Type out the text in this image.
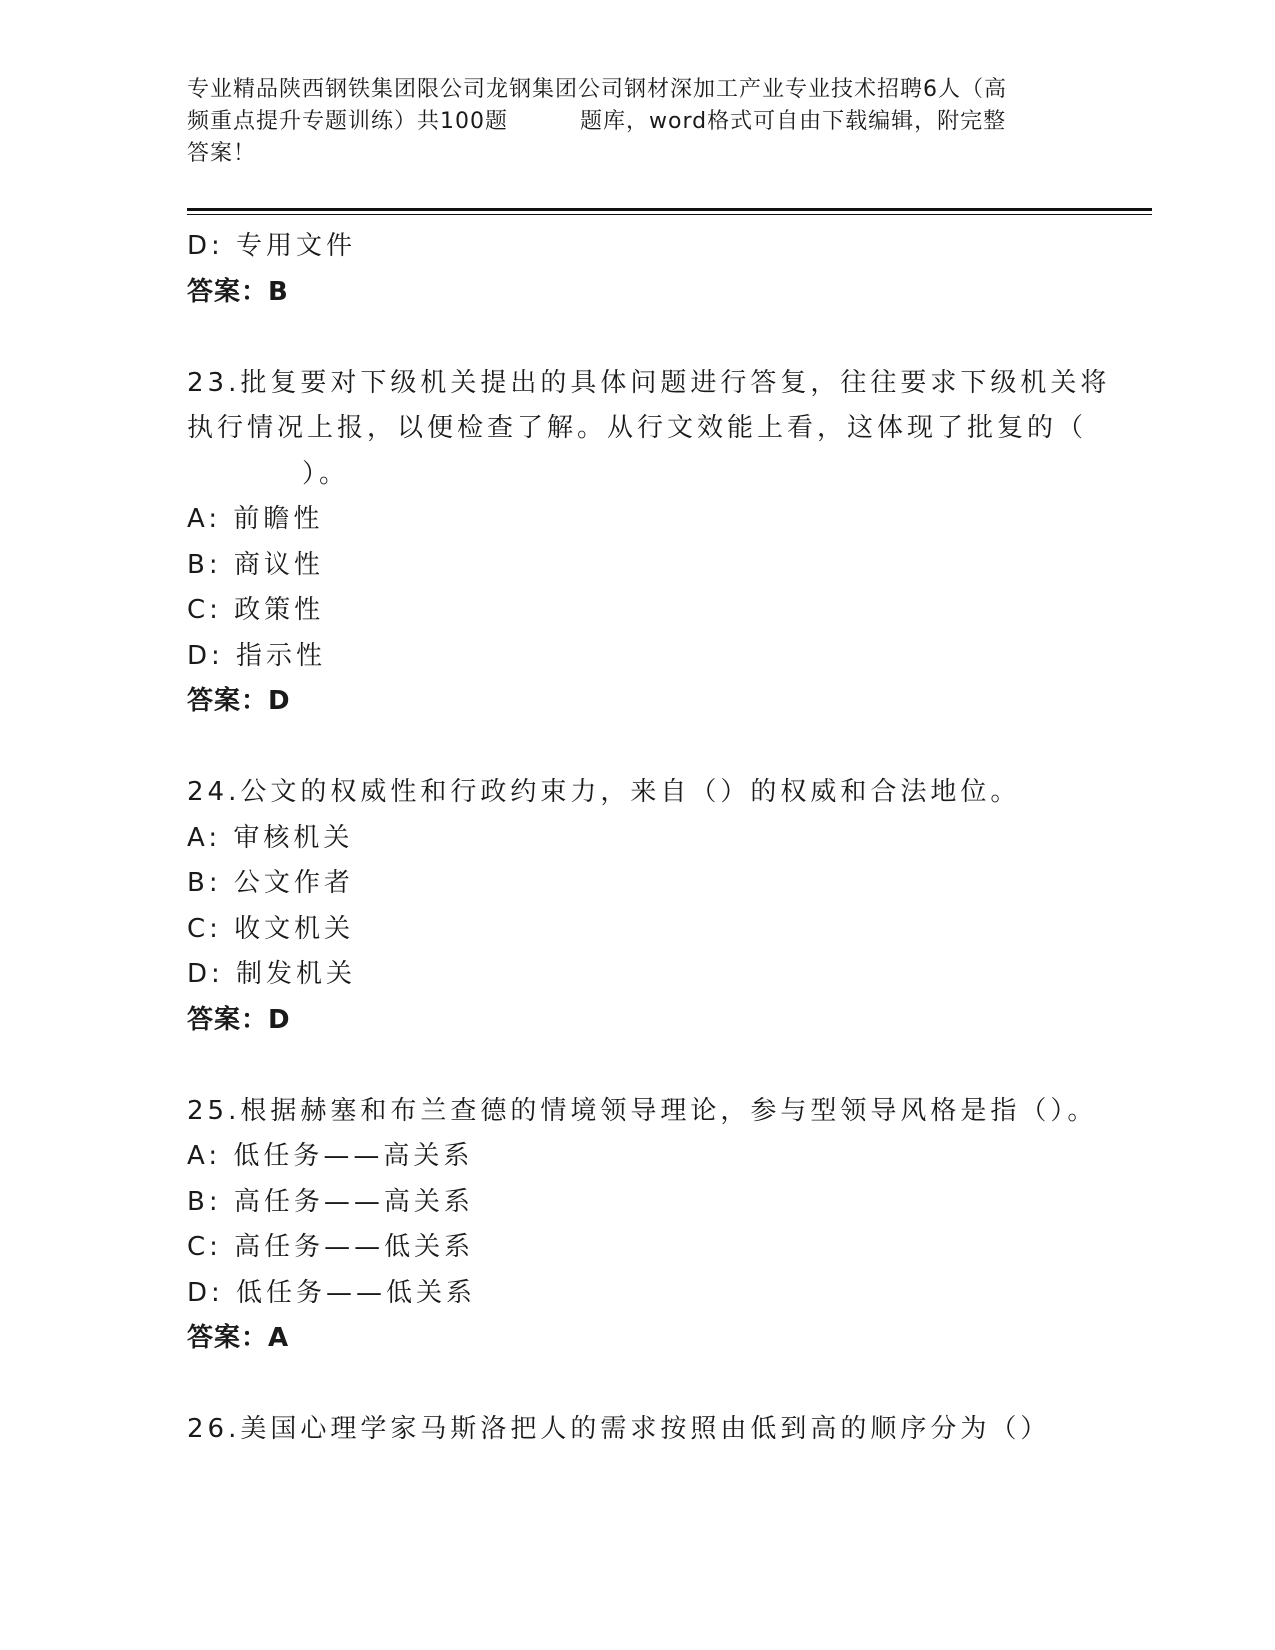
专业精品陕西钢铁集团限公司龙钢集团公司钢材深加工产业专业技术招聘6人（高
频重点提升专题训练）共100题	题库，word格式可自由下载编辑，附完整
答案！
D: 专用文件
答案：B
23.批复要对下级机关提出的具体问题进行答复，往往要求下级机关将
执行情况上报，以便检查了解。从行文效能上看，这体现了批复的（
）。
A: 前瞻性
B: 商议性
C: 政策性
D: 指示性
答案：D
24.公文的权威性和行政约束力，来自（）的权威和合法地位。
A: 审核机关
B: 公文作者
C: 收文机关
D: 制发机关
答案：D
25.根据赫塞和布兰查德的情境领导理论，参与型领导风格是指（）。
A: 低任务——高关系
B: 高任务——高关系
C: 高任务——低关系
D: 低任务——低关系
答案：A
26.美国心理学家马斯洛把人的需求按照由低到高的顺序分为（）
